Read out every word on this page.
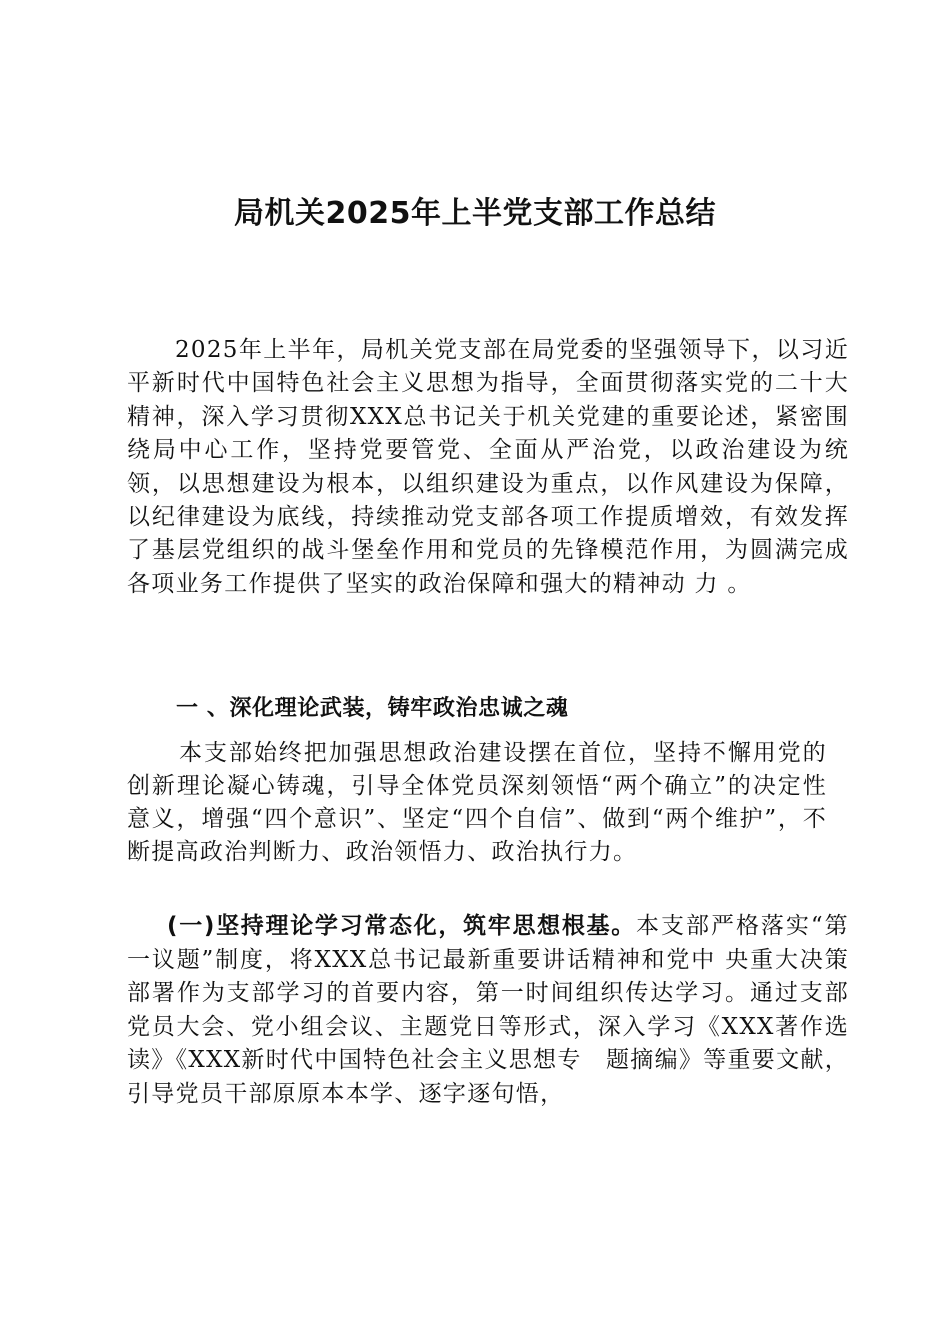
局机关2025年上半党支部工作总结

2025年上半年，局机关党支部在局党委的坚强领导下，以习近平新时代中国特色社会主义思想为指导，全面贯彻落实党的二十大精神，深入学习贯彻XXX总书记关于机关党建的重要论述，紧密围绕局中心工作，坚持党要管党、全面从严治党，以政治建设为统领，以思想建设为根本，以组织建设为重点，以作风建设为保障，以纪律建设为底线，持续推动党支部各项工作提质增效，有效发挥了基层党组织的战斗堡垒作用和党员的先锋模范作用，为圆满完成各项业务工作提供了坚实的政治保障和强大的精神动 力 。

一 、深化理论武装，铸牢政治忠诚之魂

本支部始终把加强思想政治建设摆在首位，坚持不懈用党的创新理论凝心铸魂，引导全体党员深刻领悟“两个确立”的决定性意义，增强“四个意识”、坚定“四个自信”、做到“两个维护”，不断提高政治判断力、政治领悟力、政治执行力。

(一)坚持理论学习常态化，筑牢思想根基。本支部严格落实“第一议题”制度，将XXX总书记最新重要讲话精神和党中 央重大决策部署作为支部学习的首要内容，第一时间组织传达学习。通过支部党员大会、党小组会议、主题党日等形式，深入学习《XXX著作选读》《XXX新时代中国特色社会主义思想专　题摘编》等重要文献，引导党员干部原原本本学、逐字逐句悟，
